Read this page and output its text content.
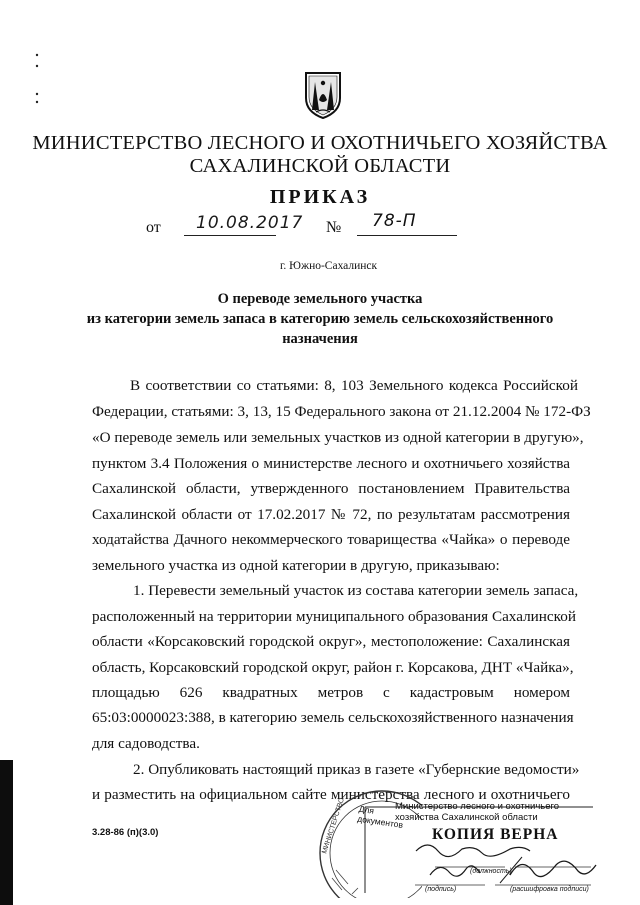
МИНИСТЕРСТВО ЛЕСНОГО И ОХОТНИЧЬЕГО ХОЗЯЙСТВА
САХАЛИНСКОЙ ОБЛАСТИ
ПРИКАЗ
от 10.08.2017 № 78-П
г. Южно-Сахалинск
О переводе земельного участка
из категории земель запаса в категорию земель сельскохозяйственного
назначения
В соответствии со статьями: 8, 103 Земельного кодекса Российской
Федерации, статьями: 3, 13, 15 Федерального закона от 21.12.2004 № 172-ФЗ
«О переводе земель или земельных участков из одной категории в другую»,
пунктом 3.4 Положения о министерстве лесного и охотничьего хозяйства
Сахалинской области, утвержденного постановлением Правительства
Сахалинской области от 17.02.2017 № 72, по результатам рассмотрения
ходатайства Дачного некоммерческого товарищества «Чайка» о переводе
земельного участка из одной категории в другую, приказываю:
1. Перевести земельный участок из состава категории земель запаса,
расположенный на территории муниципального образования Сахалинской
области «Корсаковский городской округ», местоположение: Сахалинская
область, Корсаковский городской округ, район г. Корсакова, ДНТ «Чайка»,
площадью 626 квадратных метров с кадастровым номером
65:03:0000023:388, в категорию земель сельскохозяйственного назначения
для садоводства.
2. Опубликовать настоящий приказ в газете «Губернские ведомости»
и разместить на официальном сайте министерства лесного и охотничьего
3.28-86 (п)(3.0)	МИНИСТЕРСТВО	Министерство лесного и охотничьего
хозяйства Сахалинской области
Для документов
КОПИЯ ВЕРНА
(должность)
(подпись)	(расшифровка подписи)
